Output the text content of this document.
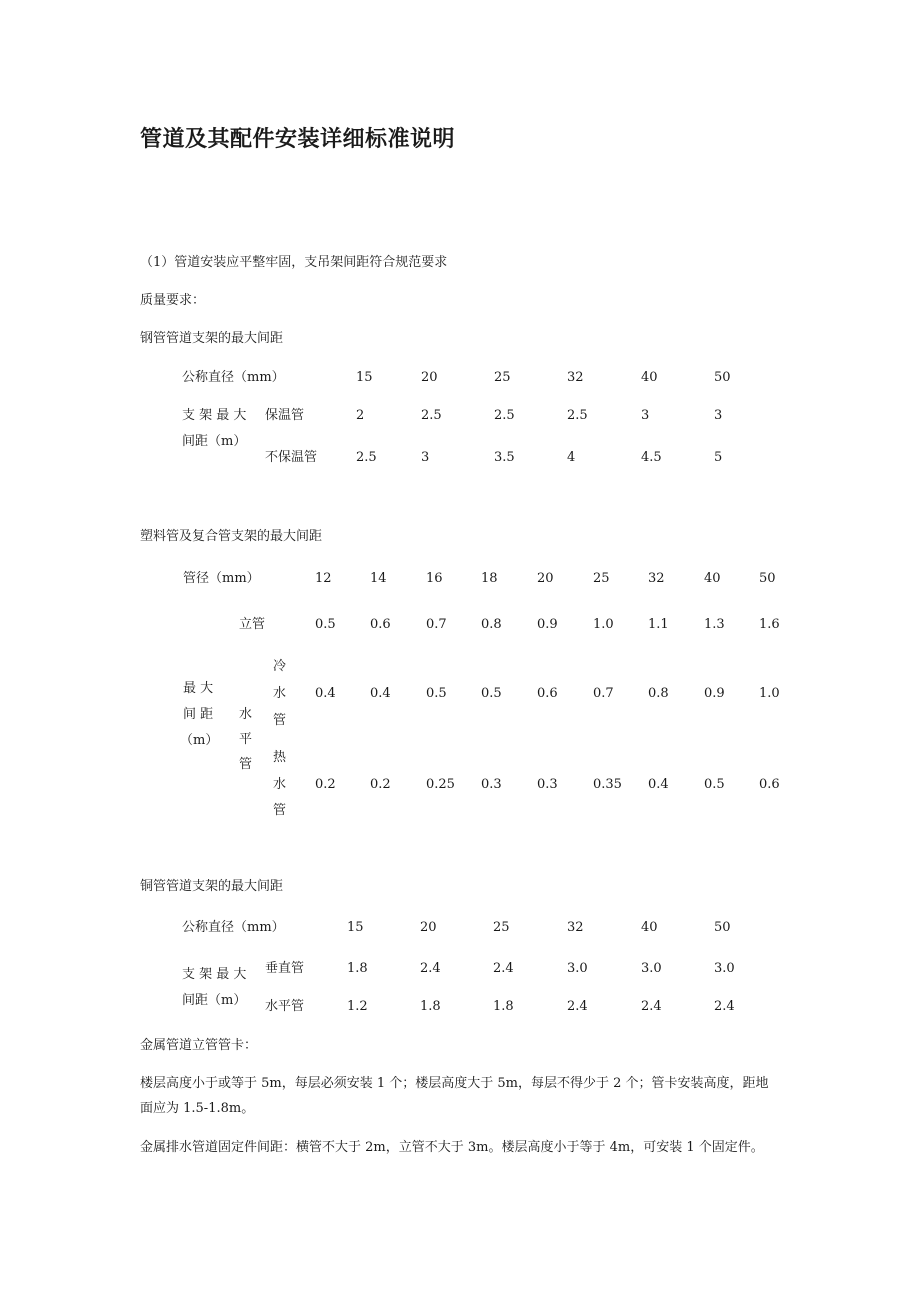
管道及其配件安装详细标准说明
（1）管道安装应平整牢固，支吊架间距符合规范要求
质量要求：
钢管管道支架的最大间距
公称直径（mm）	15	20	25	32	40	50
支 架 最 大
间距（m）
保温管	2	2.5	2.5	2.5	3	3
不保温管	2.5	3	3.5	4	4.5	5
塑料管及复合管支架的最大间距
管径（mm）	12	14	16	18	20	25	32	40	50
立管	0.5	0.6	0.7	0.8	0.9	1.0	1.1	1.3	1.6
最 大
间 距
（m）
水
平
管
冷
水
管
0.4	0.4	0.5	0.5	0.6	0.7	0.8	0.9	1.0
热
水
管
0.2	0.2	0.25 0.3	0.3	0.35 0.4	0.5	0.6
铜管管道支架的最大间距
公称直径（mm）	15	20	25	32	40	50
支 架 最 大
间距（m）
垂直管	1.8	2.4	2.4	3.0	3.0	3.0
水平管	1.2	1.8	1.8	2.4	2.4	2.4
金属管道立管管卡：
楼层高度小于或等于 5m，每层必须安装 1 个；楼层高度大于 5m，每层不得少于 2 个；管卡安装高度，距地
面应为 1.5-1.8m。
金属排水管道固定件间距：横管不大于 2m，立管不大于 3m。楼层高度小于等于 4m，可安装 1 个固定件。
